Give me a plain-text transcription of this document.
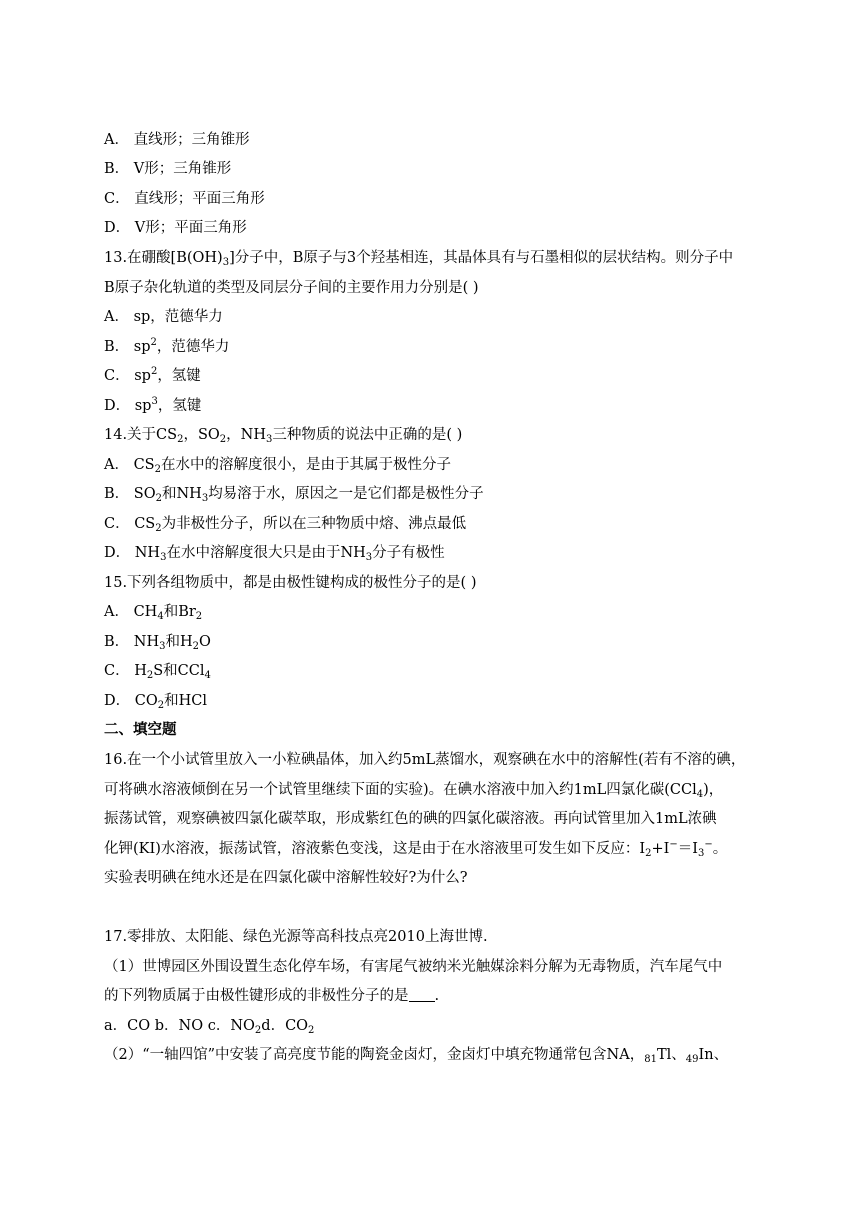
A． 直线形；三角锥形
B． V形；三角锥形
C． 直线形；平面三角形
D． V形；平面三角形
13.在硼酸$[B(OH)_3]$分子中，B原子与3个羟基相连，其晶体具有与石墨相似的层状结构。则分子中
B原子杂化轨道的类型及同层分子间的主要作用力分别是( )
A． sp，范德华力
B． $sp^2$，范德华力
C． $sp^2$，氢键
D． $sp^3$，氢键
14.关于$CS_2$，$SO_2$，$NH_3$三种物质的说法中正确的是( )
A． $CS_2$在水中的溶解度很小，是由于其属于极性分子
B． $SO_2$和$NH_3$均易溶于水，原因之一是它们都是极性分子
C． $CS_2$为非极性分子，所以在三种物质中熔、沸点最低
D． $NH_3$在水中溶解度很大只是由于$NH_3$分子有极性
15.下列各组物质中，都是由极性键构成的极性分子的是( )
A． $CH_4$和$Br_2$
B． $NH_3$和$H_2O$
C． $H_2S$和CCl$_4$
D． $CO_2$和HCl
二、填空题
16.在一个小试管里放入一小粒碘晶体，加入约5mL蒸馏水，观察碘在水中的溶解性(若有不溶的碘，
可将碘水溶液倾倒在另一个试管里继续下面的实验)。在碘水溶液中加入约1mL四氯化碳(CCl$_4$)，
振荡试管，观察碘被四氯化碳萃取，形成紫红色的碘的四氯化碳溶液。再向试管里加入1mL浓碘
化钾(KI)水溶液，振荡试管，溶液紫色变浅，这是由于在水溶液里可发生如下反应：$I_2+I^-=I_3^-$。
实验表明碘在纯水还是在四氯化碳中溶解性较好?为什么?
17.零排放、太阳能、绿色光源等高科技点亮2010上海世博.
（1）世博园区外围设置生态化停车场，有害尾气被纳米光触媒涂料分解为无毒物质，汽车尾气中
的下列物质属于由极性键形成的非极性分子的是 .
a．CO b．NO c．$NO_2d$．$CO_2$
（2）“一轴四馆”中安装了高亮度节能的陶瓷金卤灯，金卤灯中填充物通常包含NA，$_{81}$Tl、$_{49}$In、
